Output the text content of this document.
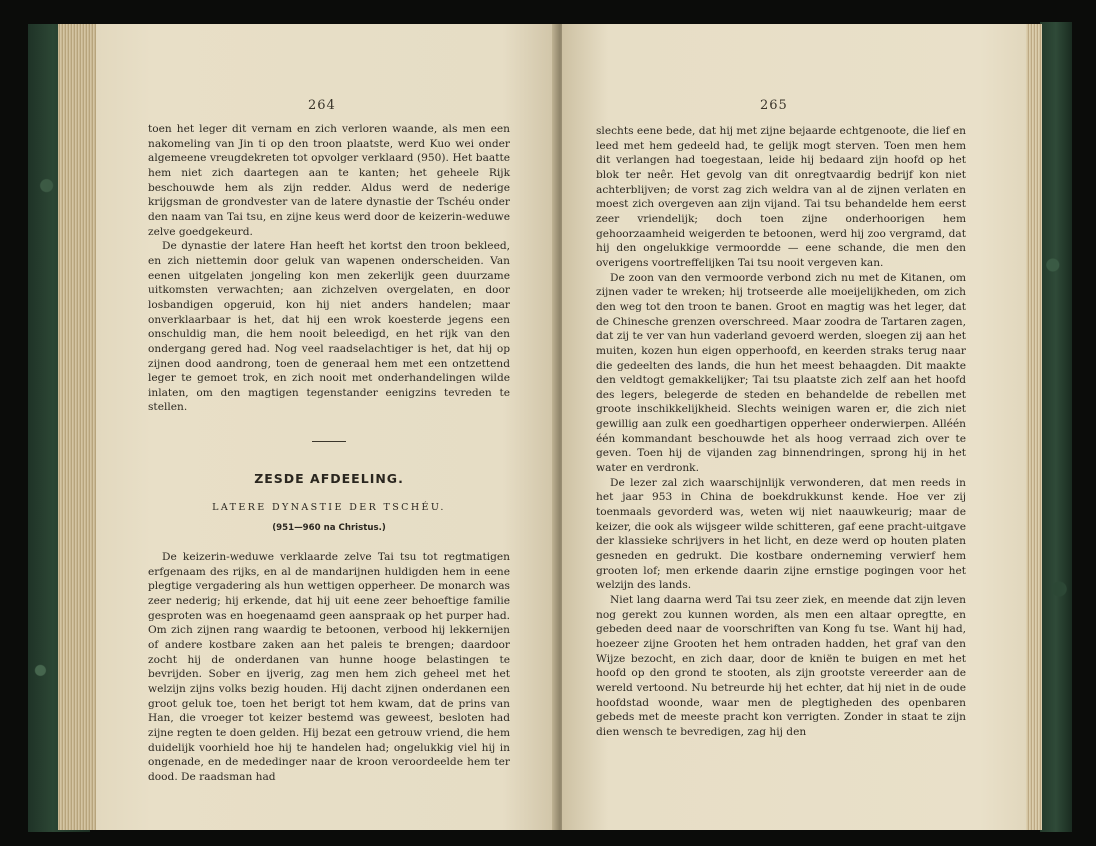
264

toen het leger dit vernam en zich verloren waande, als men een nakomeling van Jin ti op den troon plaatste, werd Kuo wei onder algemeene vreugdekreten tot opvolger verklaard (950). Het baatte hem niet zich daartegen aan te kanten; het geheele Rijk beschouwde hem als zijn redder. Aldus werd de nederige krijgsman de grondvester van de latere dynastie der Tschéu onder den naam van Tai tsu, en zijne keus werd door de keizerin-weduwe zelve goedgekeurd.

De dynastie der latere Han heeft het kortst den troon bekleed, en zich niettemin door geluk van wapenen onderscheiden. Van eenen uitgelaten jongeling kon men zekerlijk geen duurzame uitkomsten verwachten; aan zichzelven overgelaten, en door losbandigen opgeruid, kon hij niet anders handelen; maar onverklaarbaar is het, dat hij een wrok koesterde jegens een onschuldig man, die hem nooit beleedigd, en het rijk van den ondergang gered had. Nog veel raadselachtiger is het, dat hij op zijnen dood aandrong, toen de generaal hem met een ontzettend leger te gemoet trok, en zich nooit met onderhandelingen wilde inlaten, om den magtigen tegenstander eenigzins tevreden te stellen.

ZESDE AFDEELING.
LATERE DYNASTIE DER TSCHÉU.
(951—960 na Christus.)

De keizerin-weduwe verklaarde zelve Tai tsu tot regtmatigen erfgenaam des rijks, en al de mandarijnen huldigden hem in eene plegtige vergadering als hun wettigen opperheer. De monarch was zeer nederig; hij erkende, dat hij uit eene zeer behoeftige familie gesproten was en hoegenaamd geen aanspraak op het purper had. Om zich zijnen rang waardig te betoonen, verbood hij lekkernijen of andere kostbare zaken aan het paleis te brengen; daardoor zocht hij de onderdanen van hunne hooge belastingen te bevrijden. Sober en ijverig, zag men hem zich geheel met het welzijn zijns volks bezig houden. Hij dacht zijnen onderdanen een groot geluk toe, toen het berigt tot hem kwam, dat de prins van Han, die vroeger tot keizer bestemd was geweest, besloten had zijne regten te doen gelden. Hij bezat een getrouw vriend, die hem duidelijk voorhield hoe hij te handelen had; ongelukkig viel hij in ongenade, en de mededinger naar de kroon veroordeelde hem ter dood. De raadsman had

265

slechts eene bede, dat hij met zijne bejaarde echtgenoote, die lief en leed met hem gedeeld had, te gelijk mogt sterven. Toen men hem dit verlangen had toegestaan, leide hij bedaard zijn hoofd op het blok ter neêr. Het gevolg van dit onregtvaardig bedrijf kon niet achterblijven; de vorst zag zich weldra van al de zijnen verlaten en moest zich overgeven aan zijn vijand. Tai tsu behandelde hem eerst zeer vriendelijk; doch toen zijne onderhoorigen hem gehoorzaamheid weigerden te betoonen, werd hij zoo vergramd, dat hij den ongelukkige vermoordde — eene schande, die men den overigens voortreffelijken Tai tsu nooit vergeven kan.

De zoon van den vermoorde verbond zich nu met de Kitanen, om zijnen vader te wreken; hij trotseerde alle moeijelijkheden, om zich den weg tot den troon te banen. Groot en magtig was het leger, dat de Chinesche grenzen overschreed. Maar zoodra de Tartaren zagen, dat zij te ver van hun vaderland gevoerd werden, sloegen zij aan het muiten, kozen hun eigen opperhoofd, en keerden straks terug naar die gedeelten des lands, die hun het meest behaagden. Dit maakte den veldtogt gemakkelijker; Tai tsu plaatste zich zelf aan het hoofd des legers, belegerde de steden en behandelde de rebellen met groote inschikkelijkheid. Slechts weinigen waren er, die zich niet gewillig aan zulk een goedhartigen opperheer onderwierpen. Alléén één kommandant beschouwde het als hoog verraad zich over te geven. Toen hij de vijanden zag binnendringen, sprong hij in het water en verdronk.

De lezer zal zich waarschijnlijk verwonderen, dat men reeds in het jaar 953 in China de boekdrukkunst kende. Hoe ver zij toenmaals gevorderd was, weten wij niet naauwkeurig; maar de keizer, die ook als wijsgeer wilde schitteren, gaf eene pracht-uitgave der klassieke schrijvers in het licht, en deze werd op houten platen gesneden en gedrukt. Die kostbare onderneming verwierf hem grooten lof; men erkende daarin zijne ernstige pogingen voor het welzijn des lands.

Niet lang daarna werd Tai tsu zeer ziek, en meende dat zijn leven nog gerekt zou kunnen worden, als men een altaar opregtte, en gebeden deed naar de voorschriften van Kong fu tse. Want hij had, hoezeer zijne Grooten het hem ontraden hadden, het graf van den Wijze bezocht, en zich daar, door de kniën te buigen en met het hoofd op den grond te stooten, als zijn grootste vereerder aan de wereld vertoond. Nu betreurde hij het echter, dat hij niet in de oude hoofdstad woonde, waar men de plegtigheden des openbaren gebeds met de meeste pracht kon verrigten. Zonder in staat te zijn dien wensch te bevredigen, zag hij den
